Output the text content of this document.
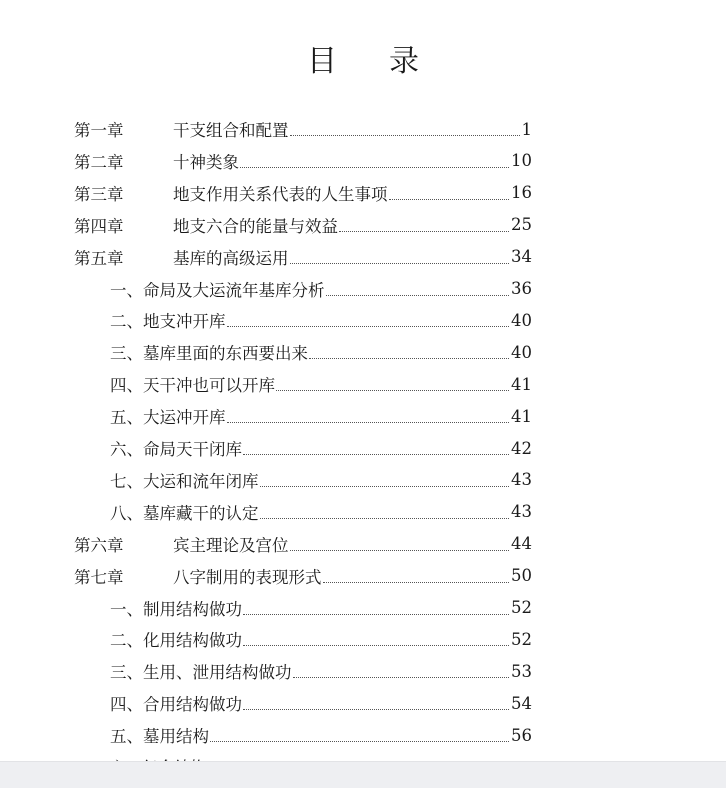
目 录
第一章	干支组合和配置	1
第二章	十神类象	10
第三章	地支作用关系代表的人生事项	16
第四章	地支六合的能量与效益	25
第五章	基库的高级运用	34
一、命局及大运流年基库分析	36
二、地支冲开库	40
三、墓库里面的东西要出来	40
四、天干冲也可以开库	41
五、大运冲开库	41
六、命局天干闭库	42
七、大运和流年闭库	43
八、墓库藏干的认定	43
第六章	宾主理论及宫位	44
第七章	八字制用的表现形式	50
一、制用结构做功	52
二、化用结构做功	52
三、生用、泄用结构做功	53
四、合用结构做功	54
五、墓用结构	56
